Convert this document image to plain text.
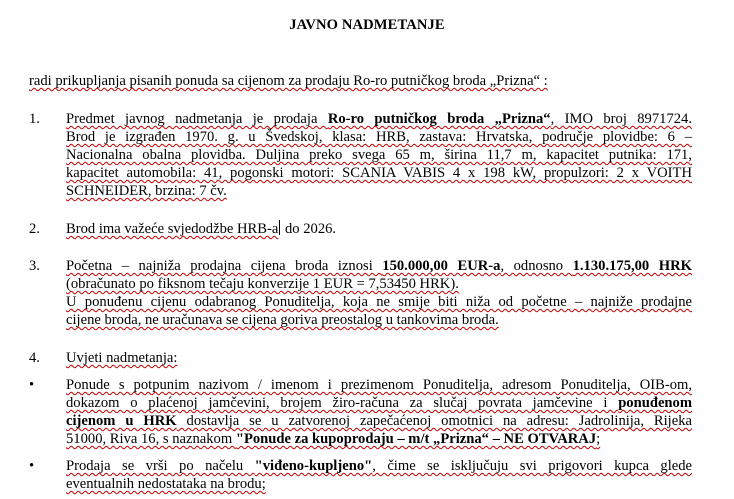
JAVNO NADMETANJE
radi prikupljanja pisanih ponuda sa cijenom za prodaju Ro-ro putničkog broda „Prizna“ :
1.	Predmet javnog nadmetanja je prodaja Ro-ro putničkog broda „Prizna“, IMO broj 8971724.
Brod je izgrađen 1970. g. u Švedskoj, klasa: HRB, zastava: Hrvatska, područje plovidbe: 6 –
Nacionalna obalna plovidba. Duljina preko svega 65 m, širina 11,7 m, kapacitet putnika: 171,
kapacitet automobila: 41, pogonski motori: SCANIA VABIS 4 x 198 kW, propulzori: 2 x VOITH
SCHNEIDER, brzina: 7 čv.
2.	Brod ima važeće svjedodžbe HRB-a do 2026.
3.	Početna – najniža prodajna cijena broda iznosi 150.000,00 EUR-a, odnosno 1.130.175,00 HRK
(obračunato po fiksnom tečaju konverzije 1 EUR = 7,53450 HRK).
U ponuđenu cijenu odabranog Ponuditelja, koja ne smije biti niža od početne – najniže prodajne
cijene broda, ne uračunava se cijena goriva preostalog u tankovima broda.
4.	Uvjeti nadmetanja:
•	Ponude s potpunim nazivom / imenom i prezimenom Ponuditelja, adresom Ponuditelja, OIB-om,
dokazom o plaćenoj jamčevini, brojem žiro-računa za slučaj povrata jamčevine i ponuđenom
cijenom u HRK dostavlja se u zatvorenoj zapečaćenoj omotnici na adresu: Jadrolinija, Rijeka
51000, Riva 16, s naznakom "Ponude za kupoprodaju – m/t „Prizna“ – NE OTVARAJ;
•	Prodaja se vrši po načelu "viđeno-kupljeno", čime se isključuju svi prigovori kupca glede
eventualnih nedostataka na brodu;
